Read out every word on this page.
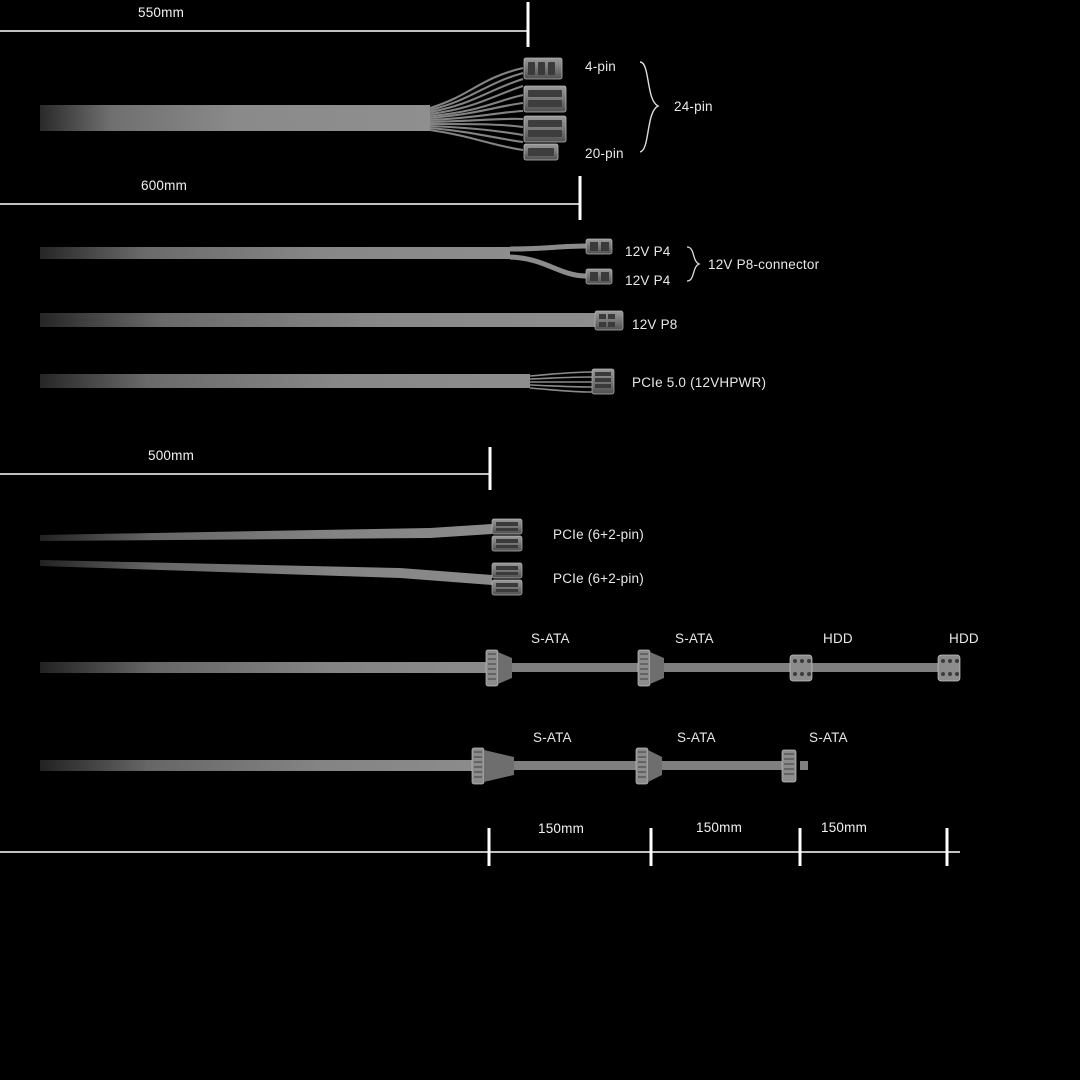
550mm
600mm
500mm
150mm	150mm	150mm
4-pin
24-pin
20-pin
12V P4
12V P4
12V P8-connector
12V P8
PCIe 5.0 (12VHPWR)
PCIe (6+2-pin)
PCIe (6+2-pin)
S-ATA	S-ATA	HDD	HDD
S-ATA	S-ATA	S-ATA
